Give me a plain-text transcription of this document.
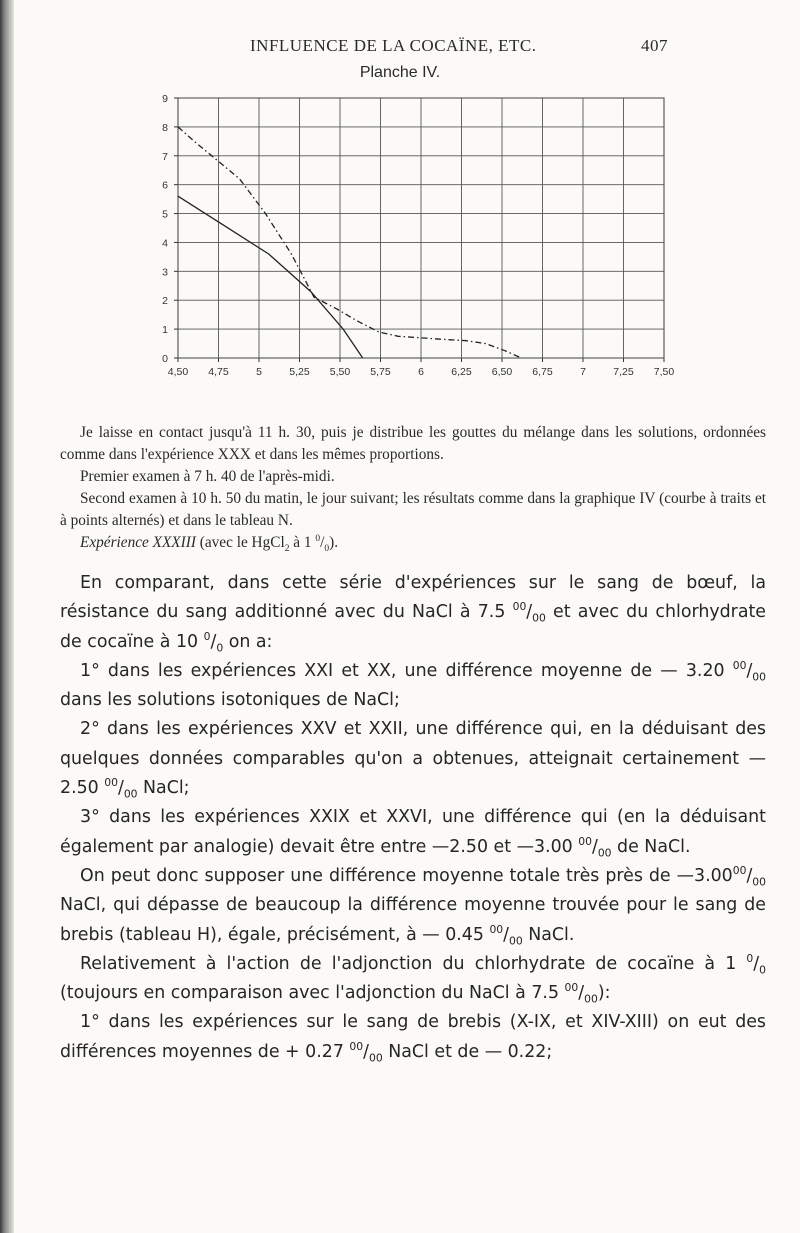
INFLUENCE DE LA COCAÏNE, ETC.	407
Planche IV.
4,50 4,75	5	5,25 5,50 5,75	6	6,25 6,50 6,75	7	7,25 7,50
0
1
2
3
4
5
6
7
8
9

Je laisse en contact jusqu'à 11 h. 30, puis je distribue les gouttes du mélange dans les solutions, ordonnées comme dans l'expérience XXX et dans les mêmes proportions.

Premier examen à 7 h. 40 de l'après-midi.

Second examen à 10 h. 50 du matin, le jour suivant; les résultats comme dans la graphique IV (courbe à traits et à points alternés) et dans le tableau N.

Expérience XXXIII (avec le HgCl$_2$ à 1 $^0/_0$).

En comparant, dans cette série d'expériences sur le sang de bœuf, la résistance du sang additionné avec du NaCl à 7.5 $^{00}/_{00}$ et avec du chlorhydrate de cocaïne à 10 $^0/_0$ on a:

1° dans les expériences XXI et XX, une différence moyenne de — 3.20 $^{00}/_{00}$ dans les solutions isotoniques de NaCl;

2° dans les expériences XXV et XXII, une différence qui, en la déduisant des quelques données comparables qu'on a obtenues, atteignait certainement — 2.50 $^{00}/_{00}$ NaCl;

3° dans les expériences XXIX et XXVI, une différence qui (en la déduisant également par analogie) devait être entre —2.50 et —3.00 $^{00}/_{00}$ de NaCl.

On peut donc supposer une différence moyenne totale très près de $—3.00^{00}/_{00}$ NaCl, qui dépasse de beaucoup la différence moyenne trouvée pour le sang de brebis (tableau H), égale, précisément, à — 0.45 $^{00}/_{00}$ NaCl.

Relativement à l'action de l'adjonction du chlorhydrate de cocaïne à 1 $^0/_0$ (toujours en comparaison avec l'adjonction du NaCl à 7.5 $^{00}/_{00}$):

1° dans les expériences sur le sang de brebis (X-IX, et XIV-XIII) on eut des différences moyennes de + 0.27 $^{00}/_{00}$ NaCl et de — 0.22;
